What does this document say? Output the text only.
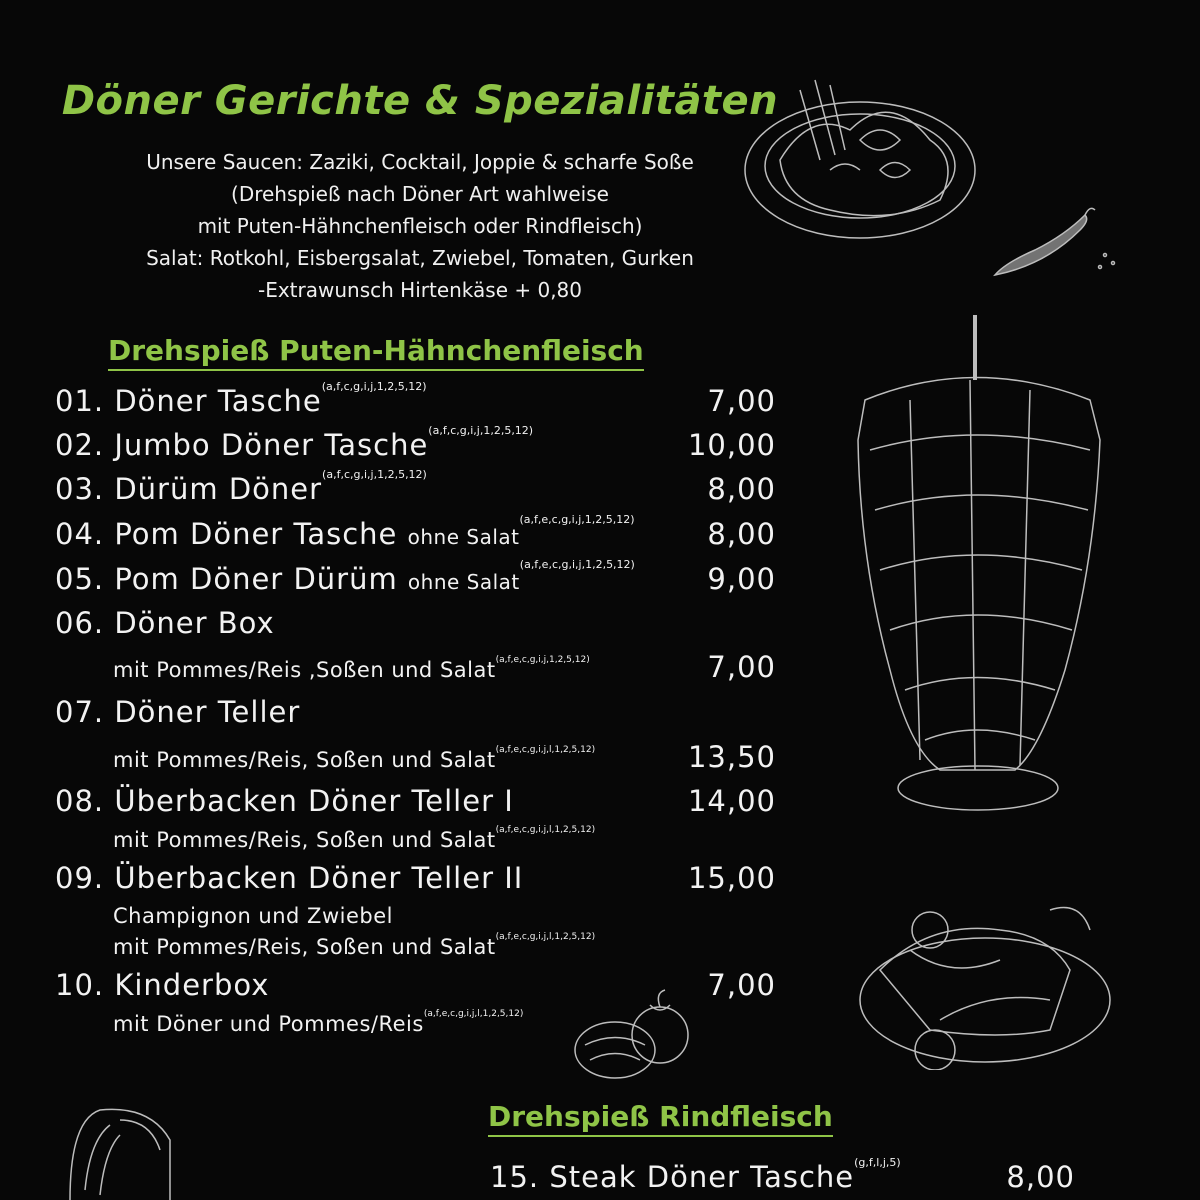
Döner Gerichte & Spezialitäten
Unsere Saucen: Zaziki, Cocktail, Joppie & scharfe Soße
(Drehspieß nach Döner Art wahlweise
mit Puten-Hähnchenfleisch oder Rindfleisch)
Salat: Rotkohl, Eisbergsalat, Zwiebel, Tomaten, Gurken
-Extrawunsch Hirtenkäse + 0,80
Drehspieß Puten-Hähnchenfleisch
01. Döner Tasche$^{(a,f,c,g,i,j,1,2,5,12)}$	7,00
02. Jumbo Döner Tasche$^{(a,f,c,g,i,j,1,2,5,12)}$	10,00
03. Dürüm Döner$^{(a,f,c,g,i,j,1,2,5,12)}$	8,00
04. Pom Döner Tasche ohne Salat$^{(a,f,e,c,g,i,j,1,2,5,12)}$	8,00
05. Pom Döner Dürüm ohne Salat$^{(a,f,e,c,g,i,j,1,2,5,12)}$	9,00
06. Döner Box
mit Pommes/Reis ,Soßen und Salat$^{(a,f,e,c,g,i,j,1,2,5,12)}$	7,00
07. Döner Teller
mit Pommes/Reis, Soßen und Salat$^{(a,f,e,c,g,i,j,l,1,2,5,12)}$	13,50
08. Überbacken Döner Teller I	14,00
mit Pommes/Reis, Soßen und Salat$^{(a,f,e,c,g,i,j,l,1,2,5,12)}$
09. Überbacken Döner Teller II	15,00
Champignon und Zwiebel
mit Pommes/Reis, Soßen und Salat$^{(a,f,e,c,g,i,j,l,1,2,5,12)}$
10. Kinderbox	7,00
mit Döner und Pommes/Reis$^{(a,f,e,c,g,i,j,l,1,2,5,12)}$
Drehspieß Rindfleisch
15. Steak Döner Tasche$^{(g,f,l,j,5)}$	8,00
